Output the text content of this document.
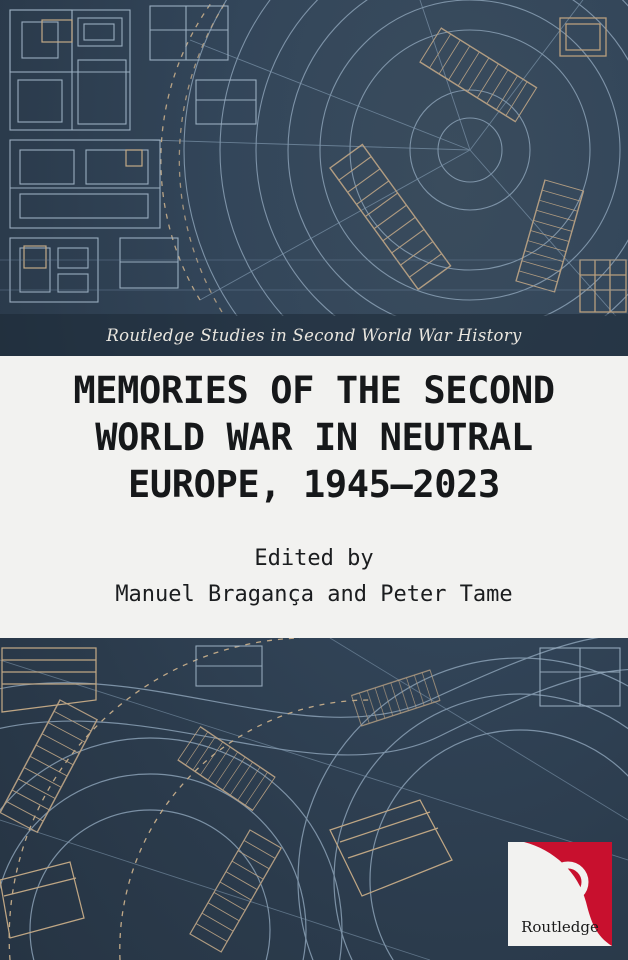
Routledge Studies in Second World War History
MEMORIES OF THE SECOND
WORLD WAR IN NEUTRAL
EUROPE, 1945–2023
Edited by
Manuel Bragança and Peter Tame
Routledge
